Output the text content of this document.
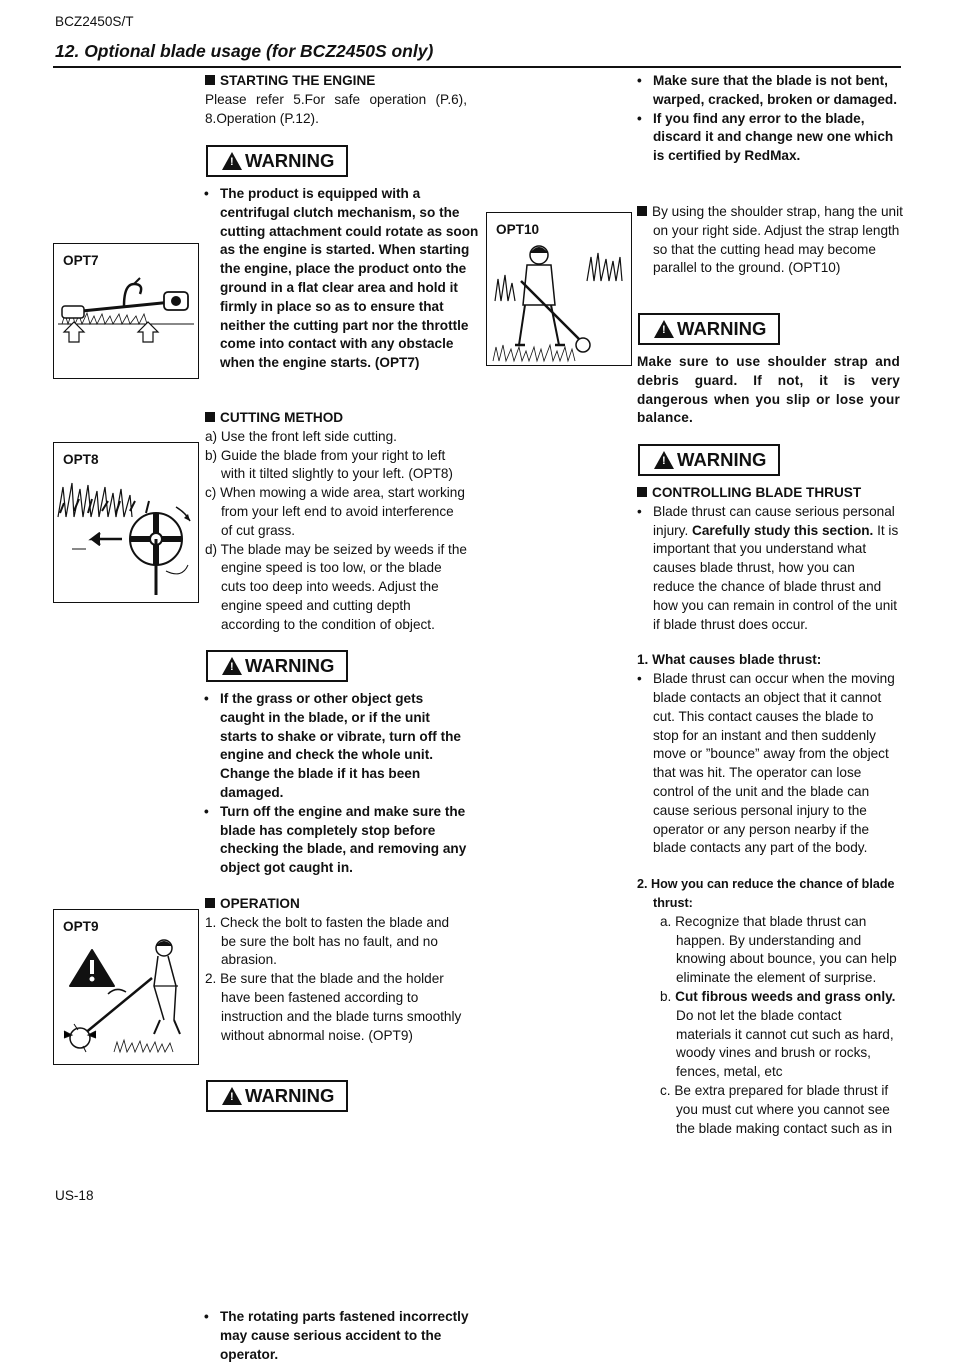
BCZ2450S/T
12. Optional blade usage (for BCZ2450S only)
OPT7
OPT8
OPT9
STARTING THE ENGINE
Please refer 5.For safe operation (P.6), 8.Operation (P.12).
! WARNING
• The product is equipped with a centrifugal clutch mechanism, so the cutting attachment could rotate as soon as the engine is started. When starting the engine, place the product onto the ground in a flat clear area and hold it firmly in place so as to ensure that neither the cutting part nor the throttle come into contact with any obstacle when the engine starts. (OPT7)
CUTTING METHOD
a) Use the front left side cutting.
b) Guide the blade from your right to left with it tilted slightly to your left. (OPT8)
c) When mowing a wide area, start working from your left end to avoid interference of cut grass.
d) The blade may be seized by weeds if the engine speed is too low, or the blade cuts too deep into weeds. Adjust the engine speed and cutting depth according to the condition of object.
! WARNING
• If the grass or other object gets caught in the blade, or if the unit starts to shake or vibrate, turn off the engine and check the whole unit. Change the blade if it has been damaged.
• Turn off the engine and make sure the blade has completely stop before checking the blade, and removing any object got caught in.
OPERATION
1. Check the bolt to fasten the blade and be sure the bolt has no fault, and no abrasion.
2. Be sure that the blade and the holder have been fastened according to instruction and the blade turns smoothly without abnormal noise. (OPT9)
! WARNING
• The rotating parts fastened incorrectly may cause serious accident to the operator.
OPT10
• Make sure that the blade is not bent, warped, cracked, broken or damaged.
• If you find any error to the blade, discard it and change new one which is certified by RedMax.
By using the shoulder strap, hang the unit on your right side. Adjust the strap length so that the cutting head may become parallel to the ground. (OPT10)
! WARNING
Make sure to use shoulder strap and debris guard. If not, it is very dangerous when you slip or lose your balance.
! WARNING
CONTROLLING BLADE THRUST
• Blade thrust can cause serious personal injury. Carefully study this section. It is important that you understand what causes blade thrust, how you can reduce the chance of blade thrust and how you can remain in control of the unit if blade thrust does occur.
1. What causes blade thrust:
• Blade thrust can occur when the moving blade contacts an object that it cannot cut. This contact causes the blade to stop for an instant and then suddenly move or ”bounce” away from the object that was hit. The operator can lose control of the unit and the blade can cause serious personal injury to the operator or any person nearby if the blade contacts any part of the body.
2. How you can reduce the chance of blade thrust:
a. Recognize that blade thrust can happen. By understanding and knowing about bounce, you can help eliminate the element of surprise.
b. Cut fibrous weeds and grass only. Do not let the blade contact materials it cannot cut such as hard, woody vines and brush or rocks, fences, metal, etc
c. Be extra prepared for blade thrust if you must cut where you cannot see the blade making contact such as in
US-18
